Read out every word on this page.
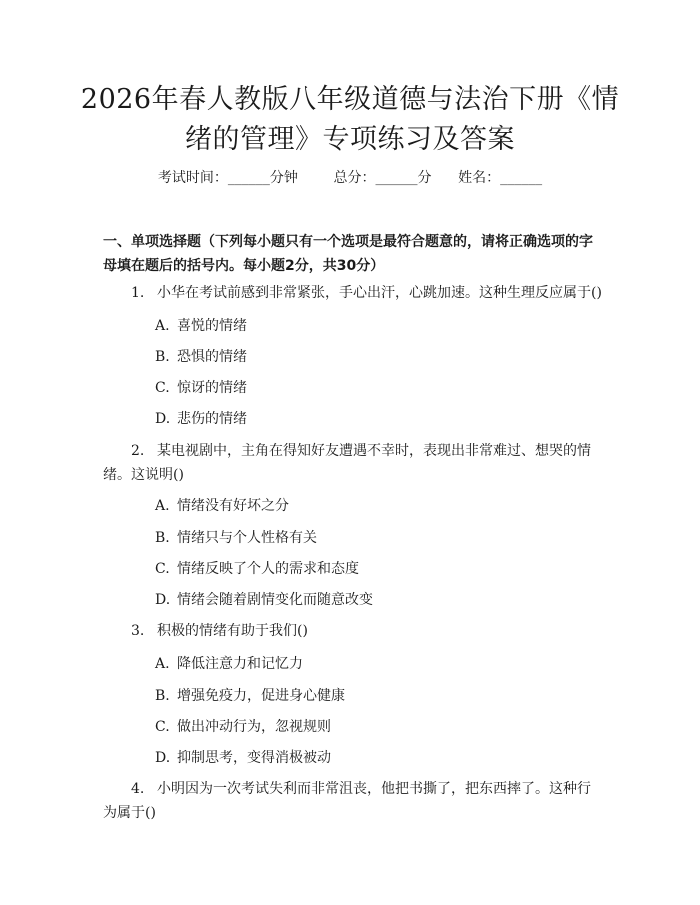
2026年春人教版八年级道德与法治下册《情绪的管理》专项练习及答案
考试时间：______分钟	总分：______分 姓名：______
一、单项选择题（下列每小题只有一个选项是最符合题意的，请将正确选项的字母填在题后的括号内。每小题2分，共30分）
1. 小华在考试前感到非常紧张，手心出汗，心跳加速。这种生理反应属于()
A. 喜悦的情绪
B. 恐惧的情绪
C. 惊讶的情绪
D. 悲伤的情绪
2. 某电视剧中，主角在得知好友遭遇不幸时，表现出非常难过、想哭的情绪。这说明()
A. 情绪没有好坏之分
B. 情绪只与个人性格有关
C. 情绪反映了个人的需求和态度
D. 情绪会随着剧情变化而随意改变
3. 积极的情绪有助于我们()
A. 降低注意力和记忆力
B. 增强免疫力，促进身心健康
C. 做出冲动行为，忽视规则
D. 抑制思考，变得消极被动
4. 小明因为一次考试失利而非常沮丧，他把书撕了，把东西摔了。这种行为属于()
